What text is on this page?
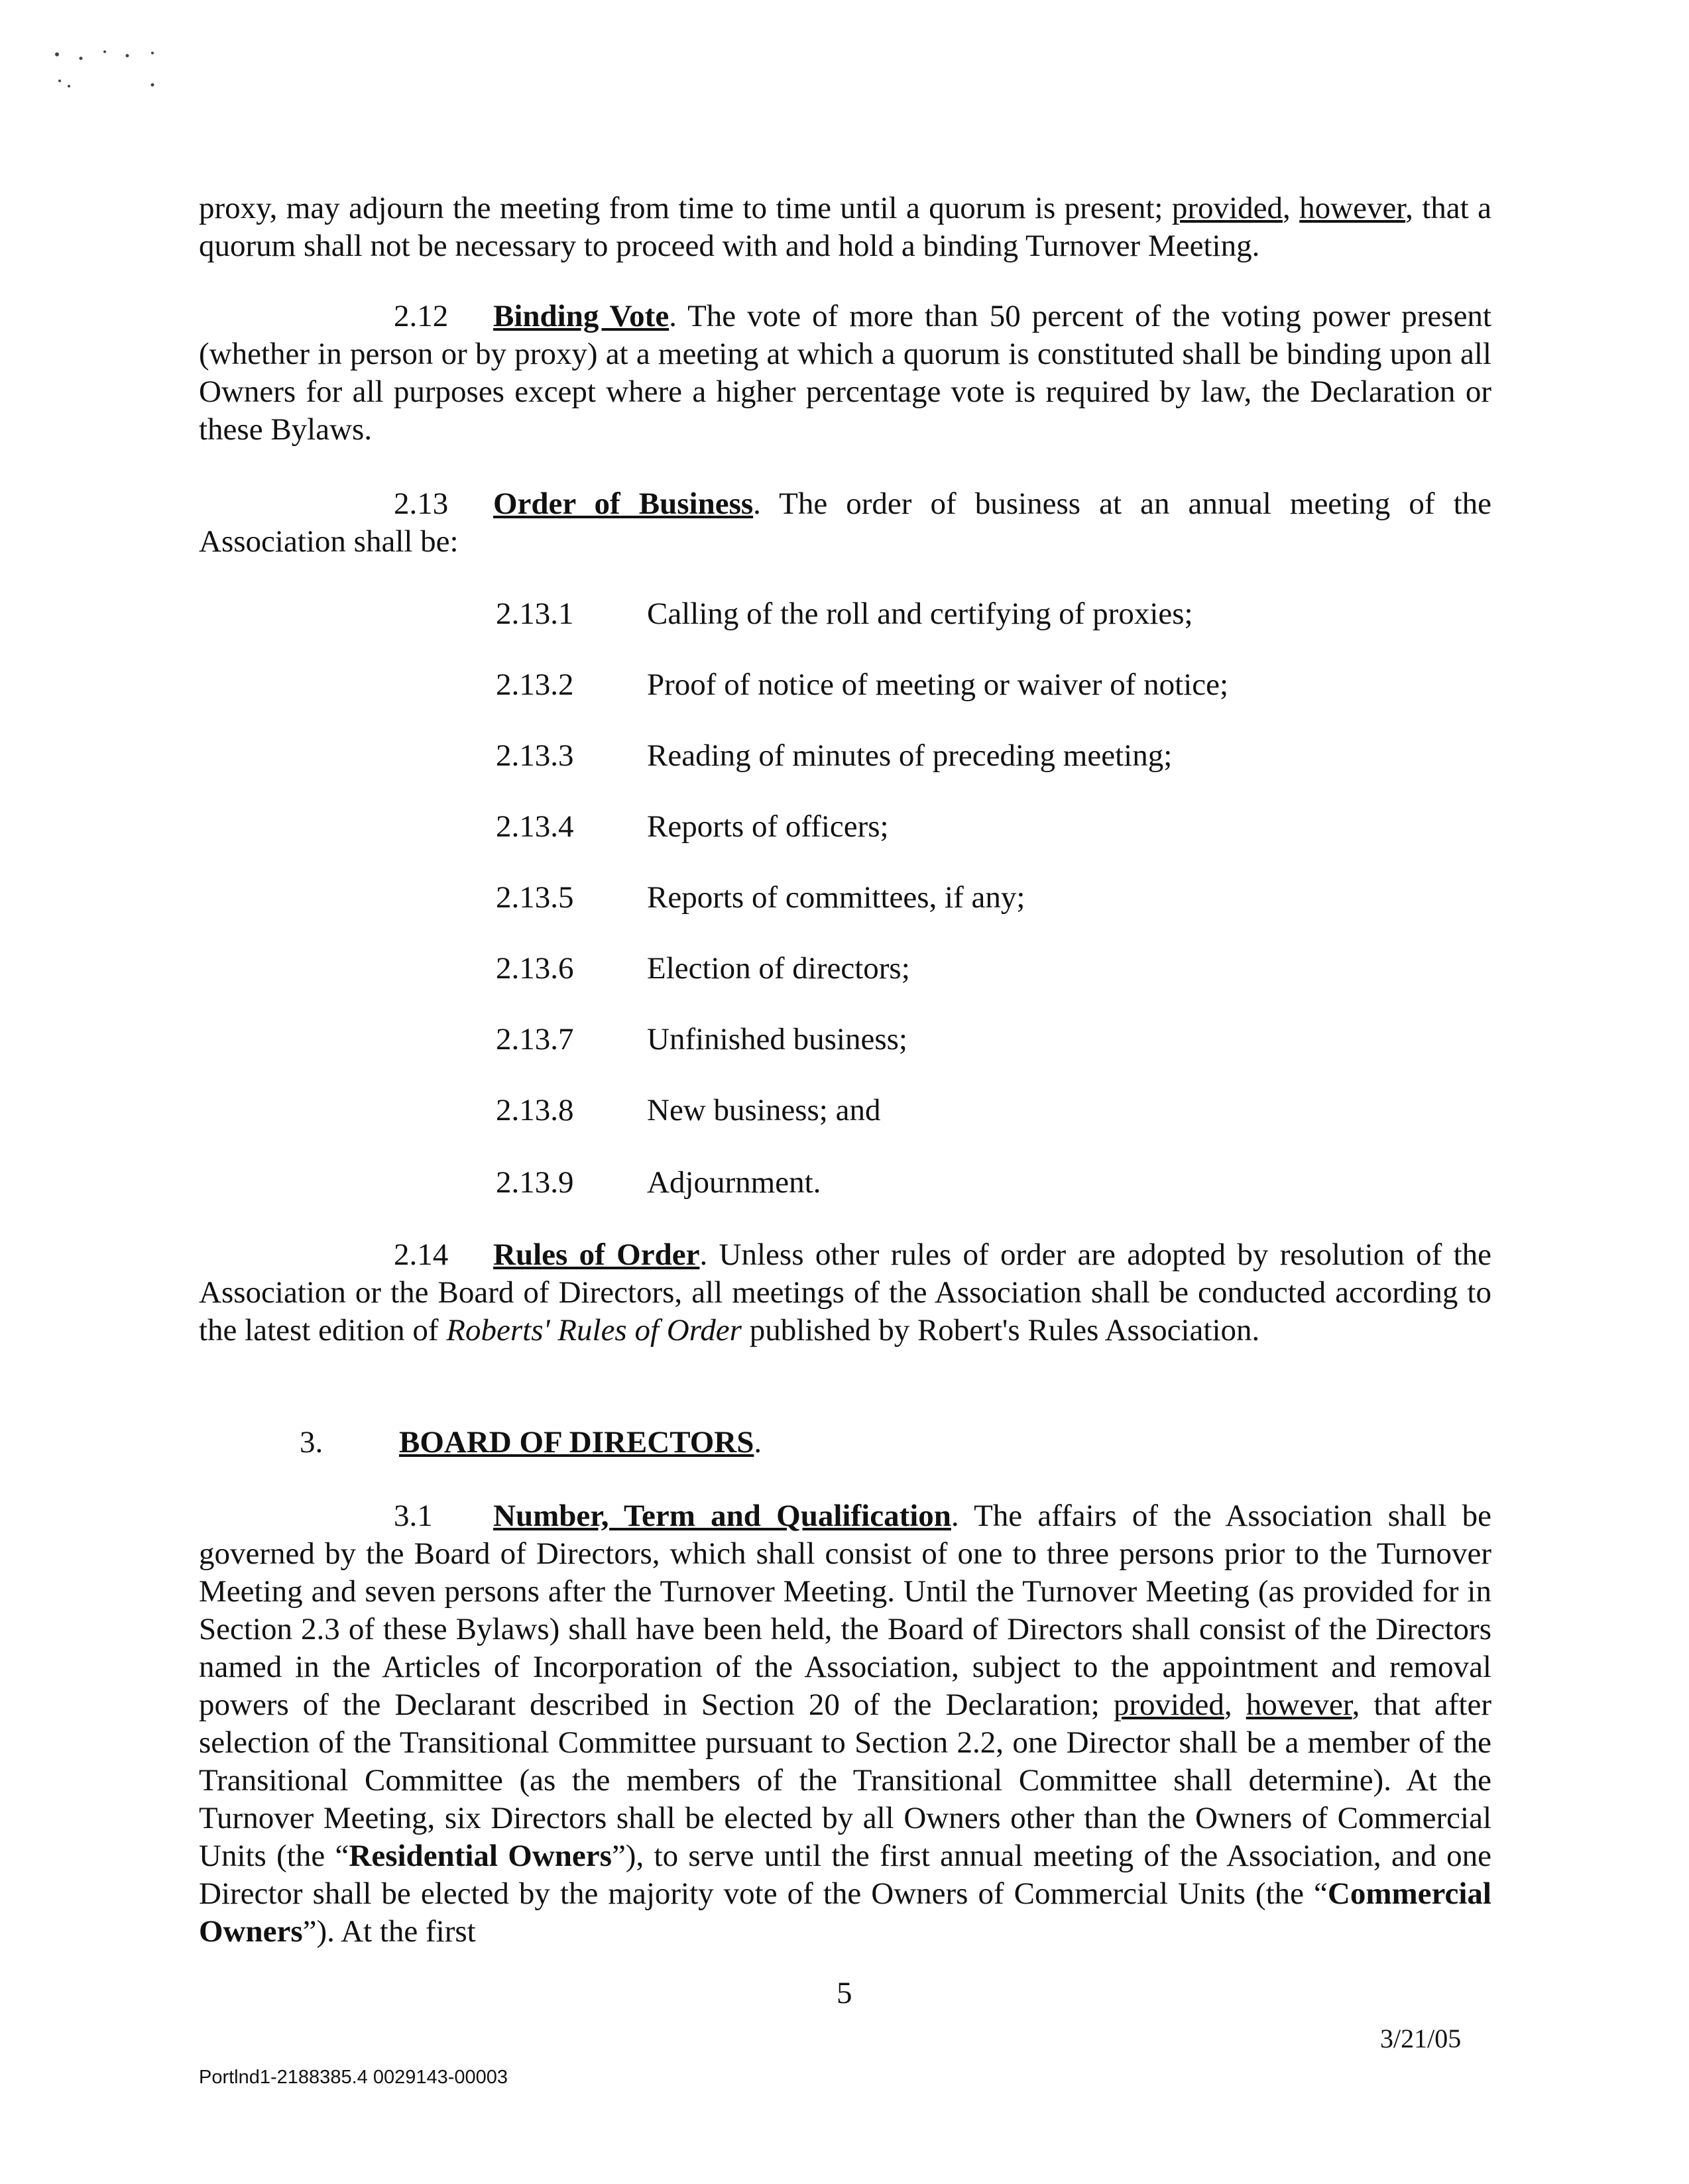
proxy, may adjourn the meeting from time to time until a quorum is present; provided, however, that a quorum shall not be necessary to proceed with and hold a binding Turnover Meeting.

2.12 Binding Vote. The vote of more than 50 percent of the voting power present (whether in person or by proxy) at a meeting at which a quorum is constituted shall be binding upon all Owners for all purposes except where a higher percentage vote is required by law, the Declaration or these Bylaws.

2.13 Order of Business. The order of business at an annual meeting of the Association shall be:

2.13.1 Calling of the roll and certifying of proxies;
2.13.2 Proof of notice of meeting or waiver of notice;
2.13.3 Reading of minutes of preceding meeting;
2.13.4 Reports of officers;
2.13.5 Reports of committees, if any;
2.13.6 Election of directors;
2.13.7 Unfinished business;
2.13.8 New business; and
2.13.9 Adjournment.

2.14 Rules of Order. Unless other rules of order are adopted by resolution of the Association or the Board of Directors, all meetings of the Association shall be conducted according to the latest edition of Roberts' Rules of Order published by Robert's Rules Association.

3. BOARD OF DIRECTORS.

3.1 Number, Term and Qualification. The affairs of the Association shall be governed by the Board of Directors, which shall consist of one to three persons prior to the Turnover Meeting and seven persons after the Turnover Meeting. Until the Turnover Meeting (as provided for in Section 2.3 of these Bylaws) shall have been held, the Board of Directors shall consist of the Directors named in the Articles of Incorporation of the Association, subject to the appointment and removal powers of the Declarant described in Section 20 of the Declaration; provided, however, that after selection of the Transitional Committee pursuant to Section 2.2, one Director shall be a member of the Transitional Committee (as the members of the Transitional Committee shall determine). At the Turnover Meeting, six Directors shall be elected by all Owners other than the Owners of Commercial Units (the “Residential Owners”), to serve until the first annual meeting of the Association, and one Director shall be elected by the majority vote of the Owners of Commercial Units (the “Commercial Owners”). At the first

5
3/21/05
Portlnd1-2188385.4 0029143-00003
